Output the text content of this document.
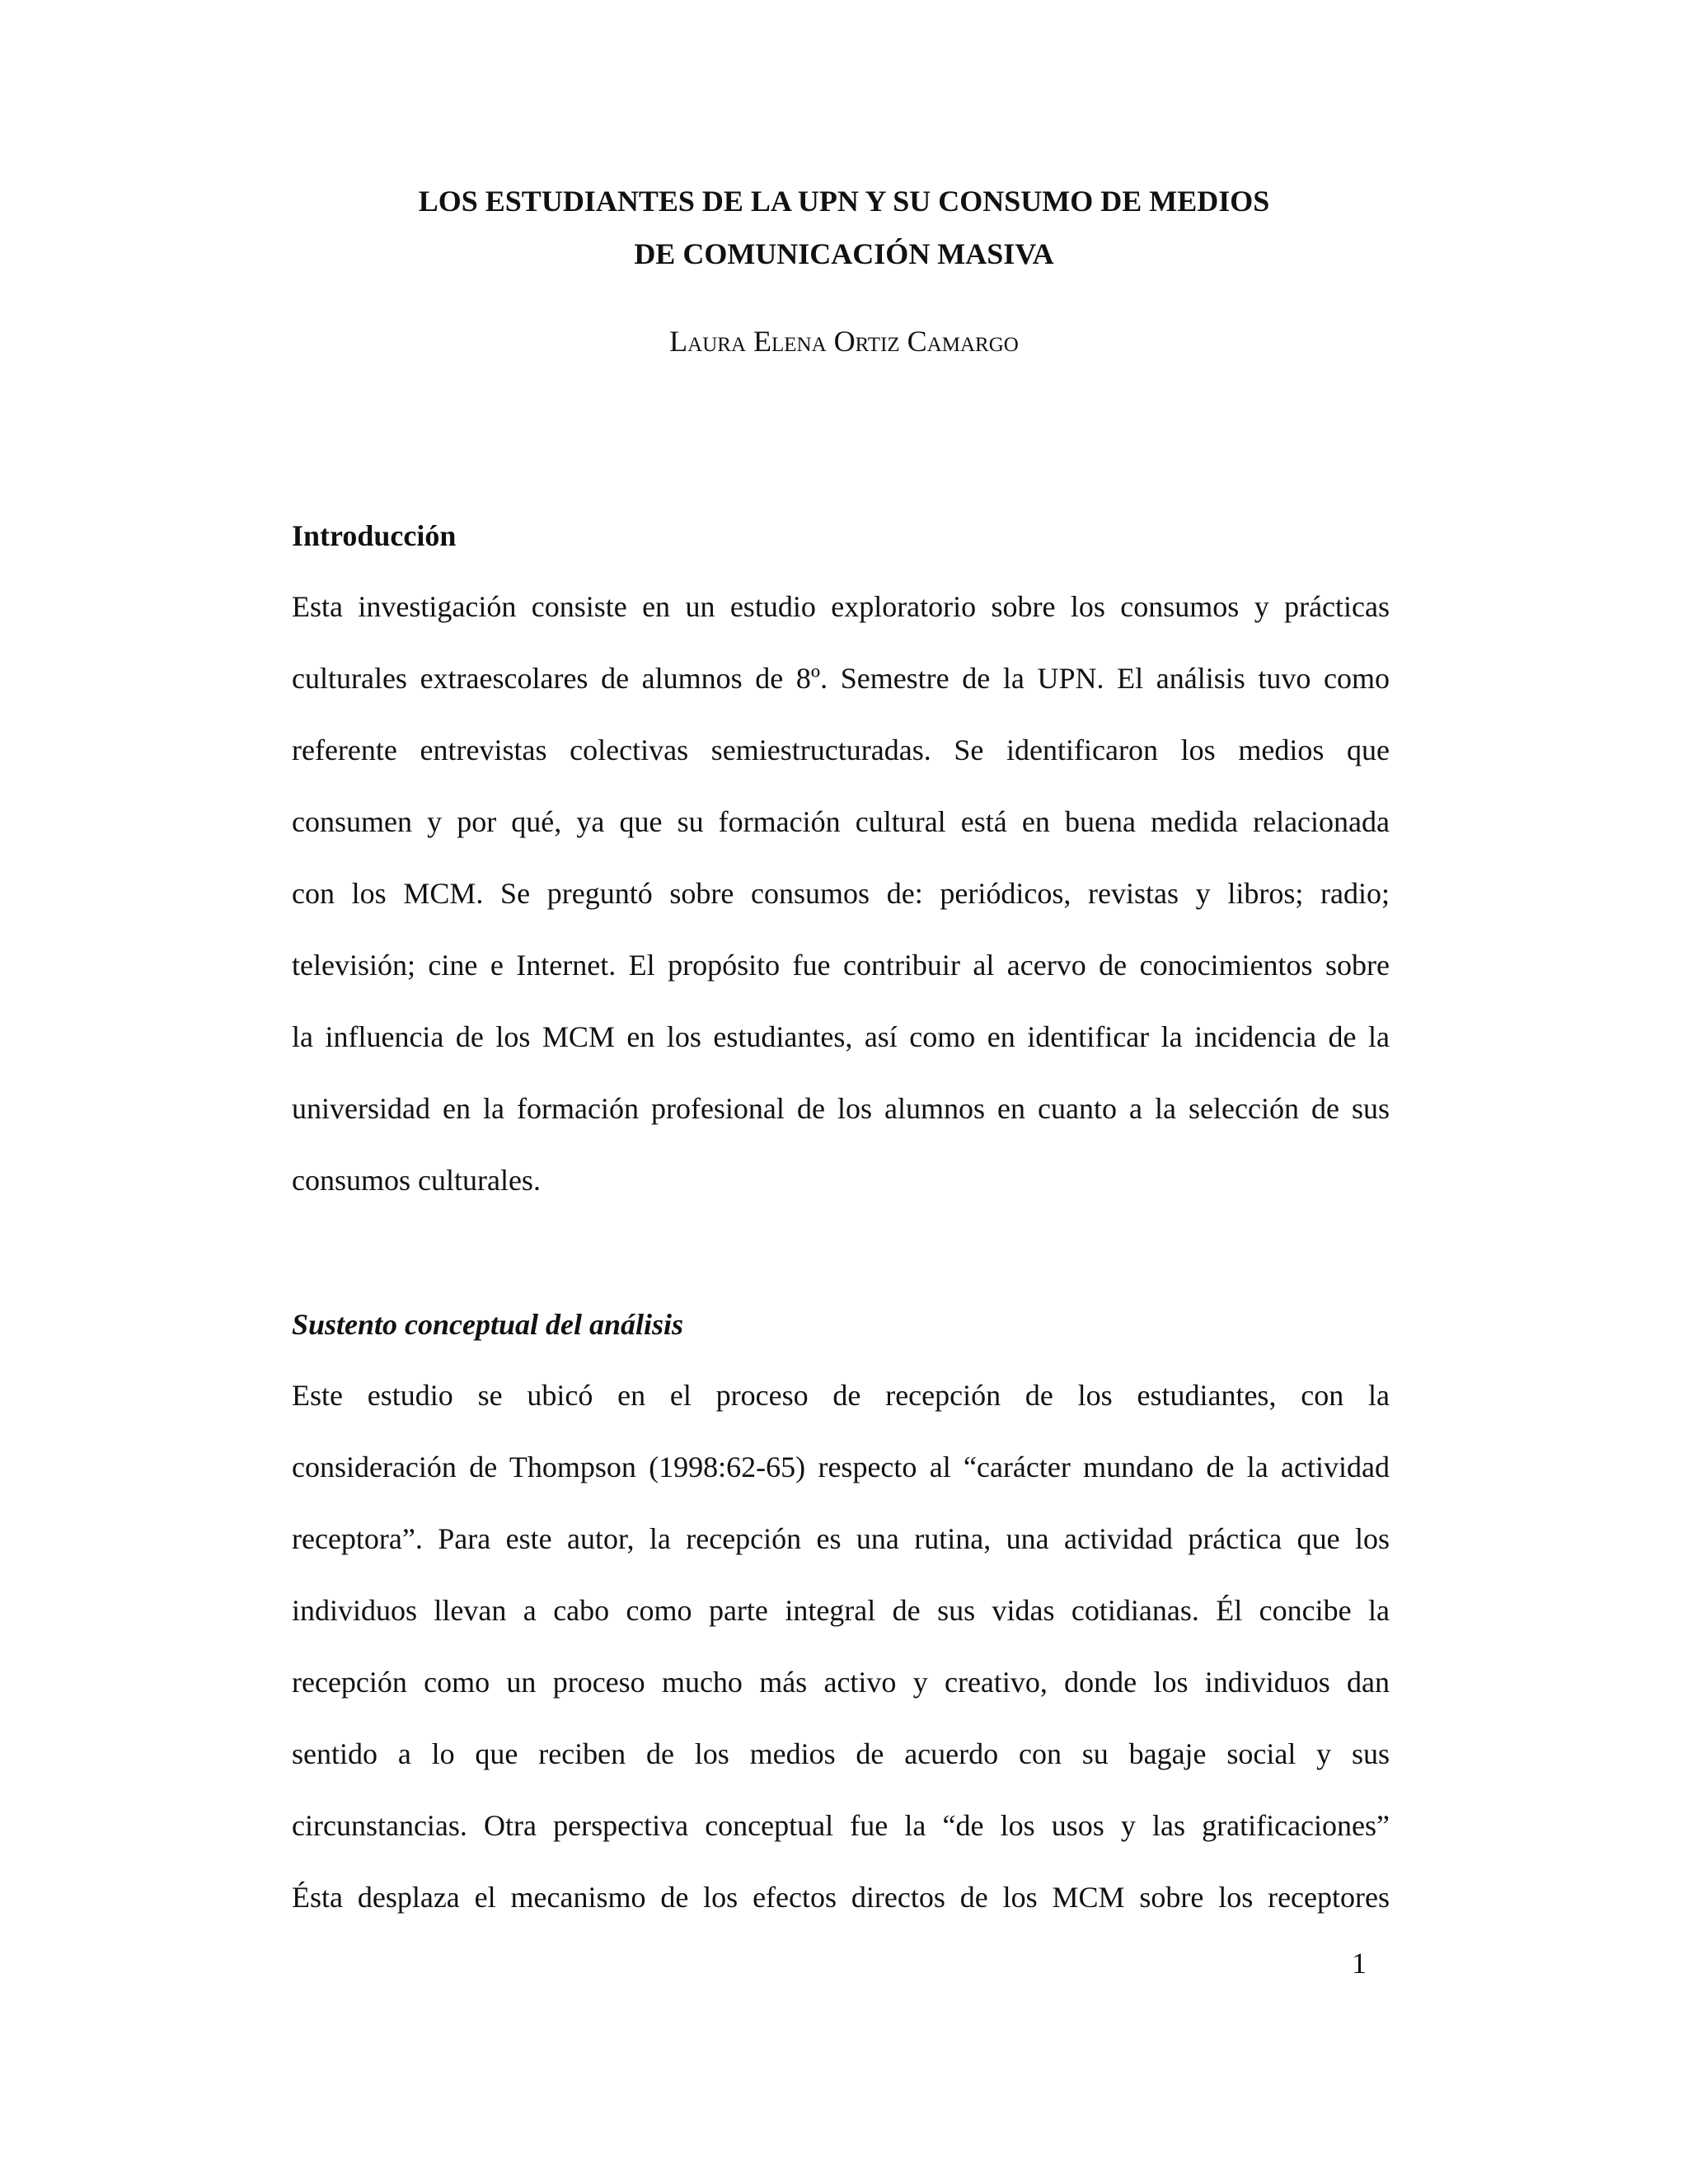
LOS ESTUDIANTES DE LA UPN Y SU CONSUMO DE MEDIOS
DE COMUNICACIÓN MASIVA

Laura Elena Ortiz Camargo

Introducción
Esta investigación consiste en un estudio exploratorio sobre los consumos y prácticas
culturales extraescolares de alumnos de 8º. Semestre de la UPN. El análisis tuvo como
referente entrevistas colectivas semiestructuradas. Se identificaron los medios que
consumen y por qué, ya que su formación cultural está en buena medida relacionada
con los MCM. Se preguntó sobre consumos de: periódicos, revistas y libros; radio;
televisión; cine e Internet. El propósito fue contribuir al acervo de conocimientos sobre
la influencia de los MCM en los estudiantes, así como en identificar la incidencia de la
universidad en la formación profesional de los alumnos en cuanto a la selección de sus
consumos culturales.
Sustento conceptual del análisis
Este estudio se ubicó en el proceso de recepción de los estudiantes, con la
consideración de Thompson (1998:62-65) respecto al “carácter mundano de la actividad
receptora”. Para este autor, la recepción es una rutina, una actividad práctica que los
individuos llevan a cabo como parte integral de sus vidas cotidianas. Él concibe la
recepción como un proceso mucho más activo y creativo, donde los individuos dan
sentido a lo que reciben de los medios de acuerdo con su bagaje social y sus
circunstancias. Otra perspectiva conceptual fue la “de los usos y las gratificaciones”
Ésta desplaza el mecanismo de los efectos directos de los MCM sobre los receptores

1
